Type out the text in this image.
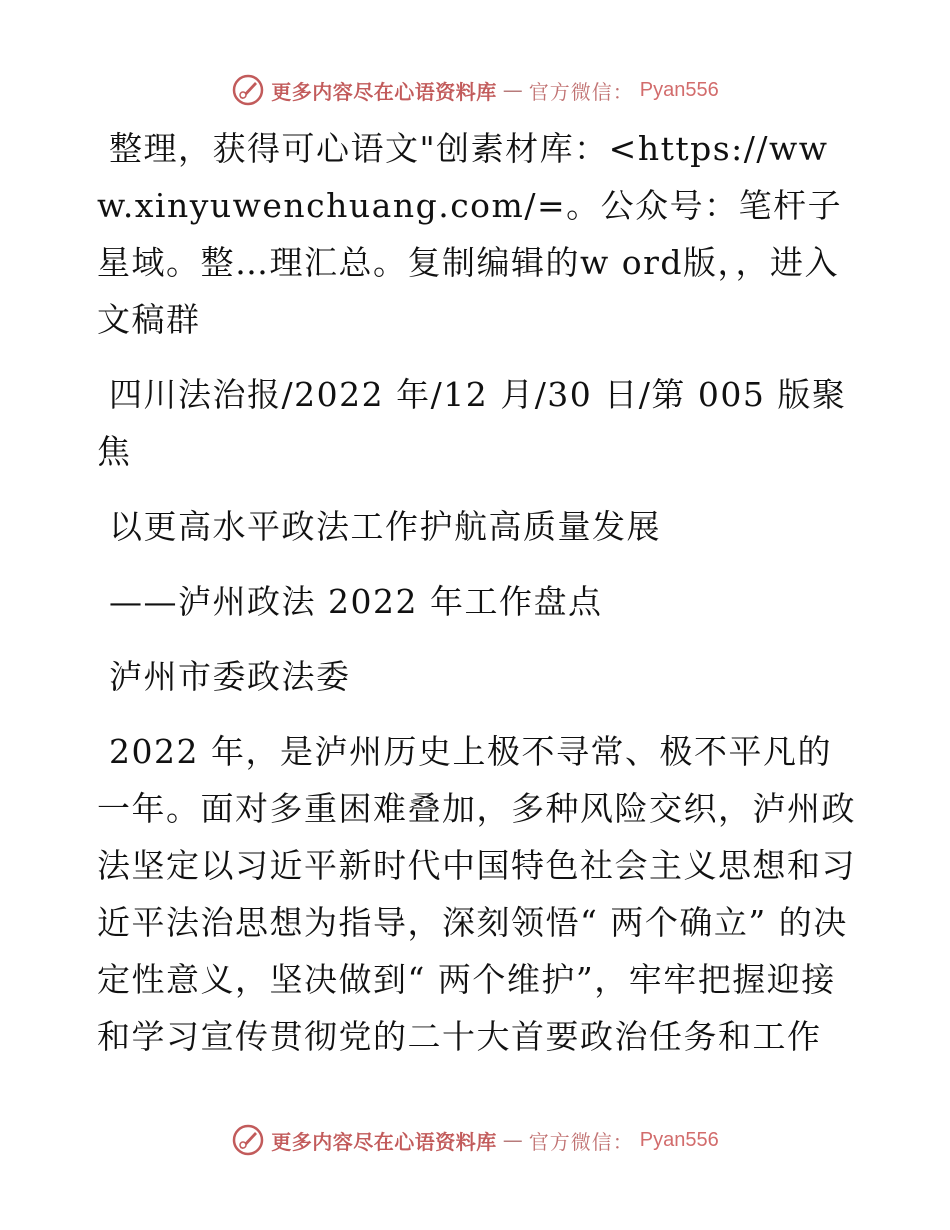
更多内容尽在心语资料库 — 官方微信： Pyan556

整理，获得可心语文"创素材库：<https://www.xinyuwenchuang.com/=。公众号：笔杆子星域。整…理汇总。复制编辑的w ord版，，进入文稿群

四川法治报/2022 年/12 月/30 日/第 005 版聚焦

以更高水平政法工作护航高质量发展

——泸州政法 2022 年工作盘点

泸州市委政法委

2022 年，是泸州历史上极不寻常、极不平凡的一年。面对多重困难叠加，多种风险交织，泸州政法坚定以习近平新时代中国特色社会主义思想和习近平法治思想为指导，深刻领悟“ 两个确立” 的决定性意义，坚决做到“ 两个维护”，牢牢把握迎接和学习宣传贯彻党的二十大首要政治任务和工作

更多内容尽在心语资料库 — 官方微信： Pyan556
